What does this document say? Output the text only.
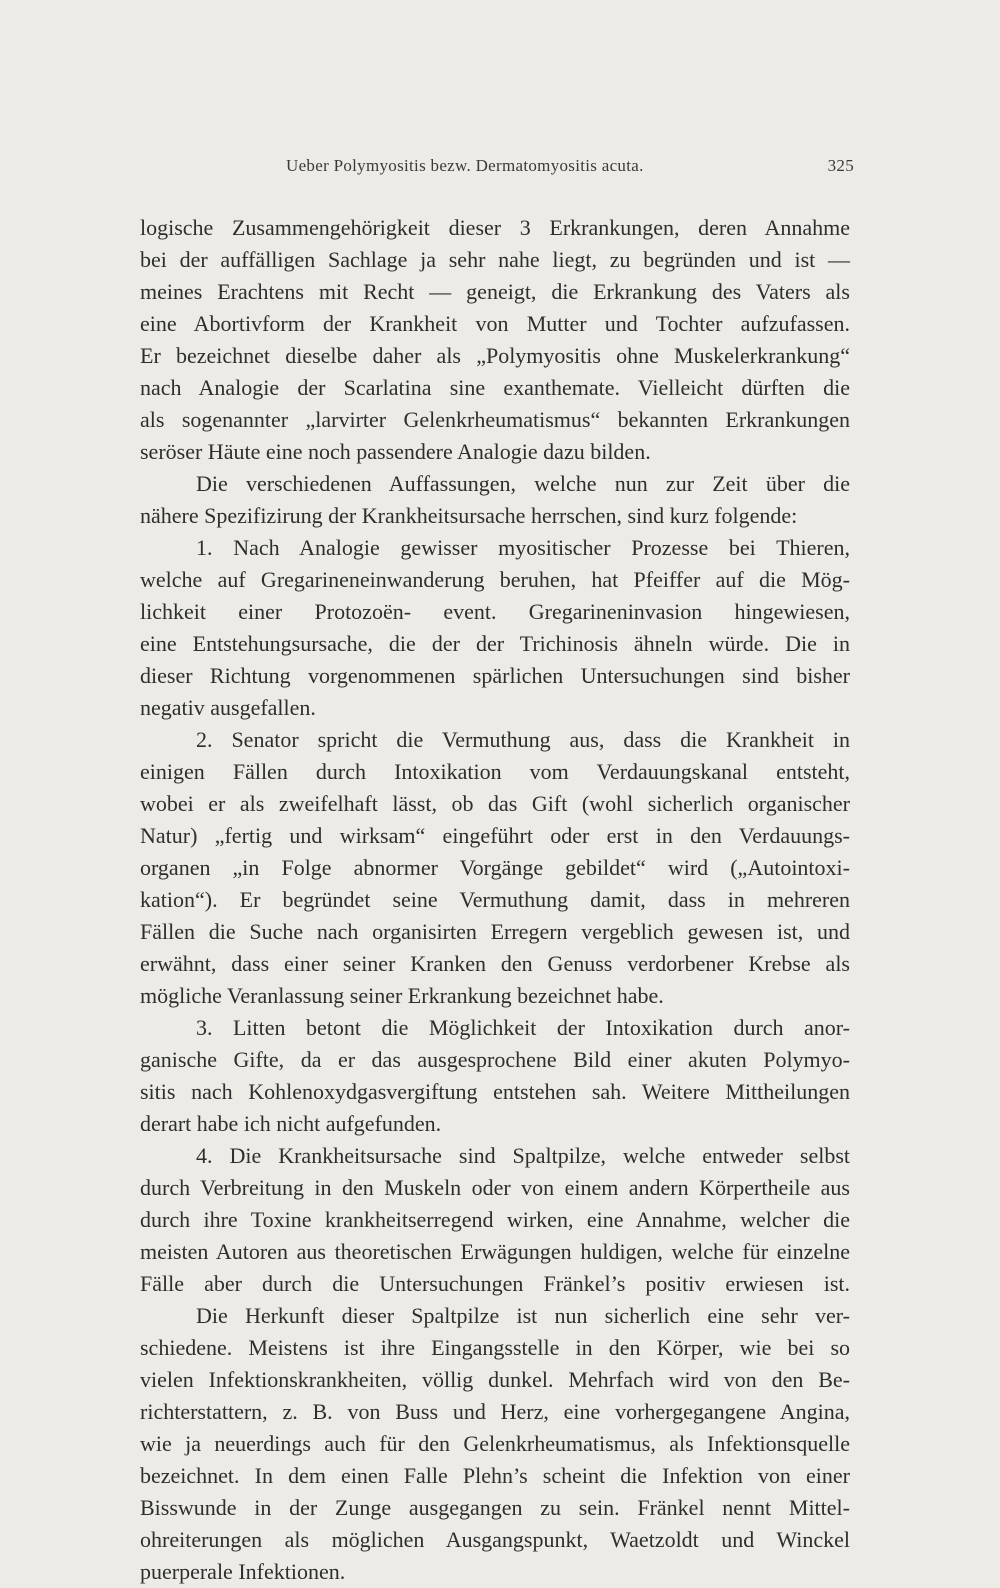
Ueber Polymyositis bezw. Dermatomyositis acuta.	325
logische Zusammengehörigkeit dieser 3 Erkrankungen, deren Annahme
bei der auffälligen Sachlage ja sehr nahe liegt, zu begründen und ist —
meines Erachtens mit Recht — geneigt, die Erkrankung des Vaters als
eine Abortivform der Krankheit von Mutter und Tochter aufzufassen.
Er bezeichnet dieselbe daher als „Polymyositis ohne Muskelerkrankung“
nach Analogie der Scarlatina sine exanthemate. Vielleicht dürften die
als sogenannter „larvirter Gelenkrheumatismus“ bekannten Erkrankungen
seröser Häute eine noch passendere Analogie dazu bilden.
Die verschiedenen Auffassungen, welche nun zur Zeit über die
nähere Spezifizirung der Krankheitsursache herrschen, sind kurz folgende:
1. Nach Analogie gewisser myositischer Prozesse bei Thieren,
welche auf Gregarineneinwanderung beruhen, hat Pfeiffer auf die Mög-
lichkeit einer Protozoën- event. Gregarineninvasion hingewiesen,
eine Entstehungsursache, die der der Trichinosis ähneln würde. Die in
dieser Richtung vorgenommenen spärlichen Untersuchungen sind bisher
negativ ausgefallen.
2. Senator spricht die Vermuthung aus, dass die Krankheit in
einigen Fällen durch Intoxikation vom Verdauungskanal entsteht,
wobei er als zweifelhaft lässt, ob das Gift (wohl sicherlich organischer
Natur) „fertig und wirksam“ eingeführt oder erst in den Verdauungs-
organen „in Folge abnormer Vorgänge gebildet“ wird („Autointoxi-
kation“). Er begründet seine Vermuthung damit, dass in mehreren
Fällen die Suche nach organisirten Erregern vergeblich gewesen ist, und
erwähnt, dass einer seiner Kranken den Genuss verdorbener Krebse als
mögliche Veranlassung seiner Erkrankung bezeichnet habe.
3. Litten betont die Möglichkeit der Intoxikation durch anor-
ganische Gifte, da er das ausgesprochene Bild einer akuten Polymyo-
sitis nach Kohlenoxydgasvergiftung entstehen sah. Weitere Mittheilungen
derart habe ich nicht aufgefunden.
4. Die Krankheitsursache sind Spaltpilze, welche entweder selbst
durch Verbreitung in den Muskeln oder von einem andern Körpertheile aus
durch ihre Toxine krankheitserregend wirken, eine Annahme, welcher die
meisten Autoren aus theoretischen Erwägungen huldigen, welche für einzelne
Fälle aber durch die Untersuchungen Fränkel’s positiv erwiesen ist.
Die Herkunft dieser Spaltpilze ist nun sicherlich eine sehr ver-
schiedene. Meistens ist ihre Eingangsstelle in den Körper, wie bei so
vielen Infektionskrankheiten, völlig dunkel. Mehrfach wird von den Be-
richterstattern, z. B. von Buss und Herz, eine vorhergegangene Angina,
wie ja neuerdings auch für den Gelenkrheumatismus, als Infektionsquelle
bezeichnet. In dem einen Falle Plehn’s scheint die Infektion von einer
Bisswunde in der Zunge ausgegangen zu sein. Fränkel nennt Mittel-
ohreiterungen als möglichen Ausgangspunkt, Waetzoldt und Winckel
puerperale Infektionen.
